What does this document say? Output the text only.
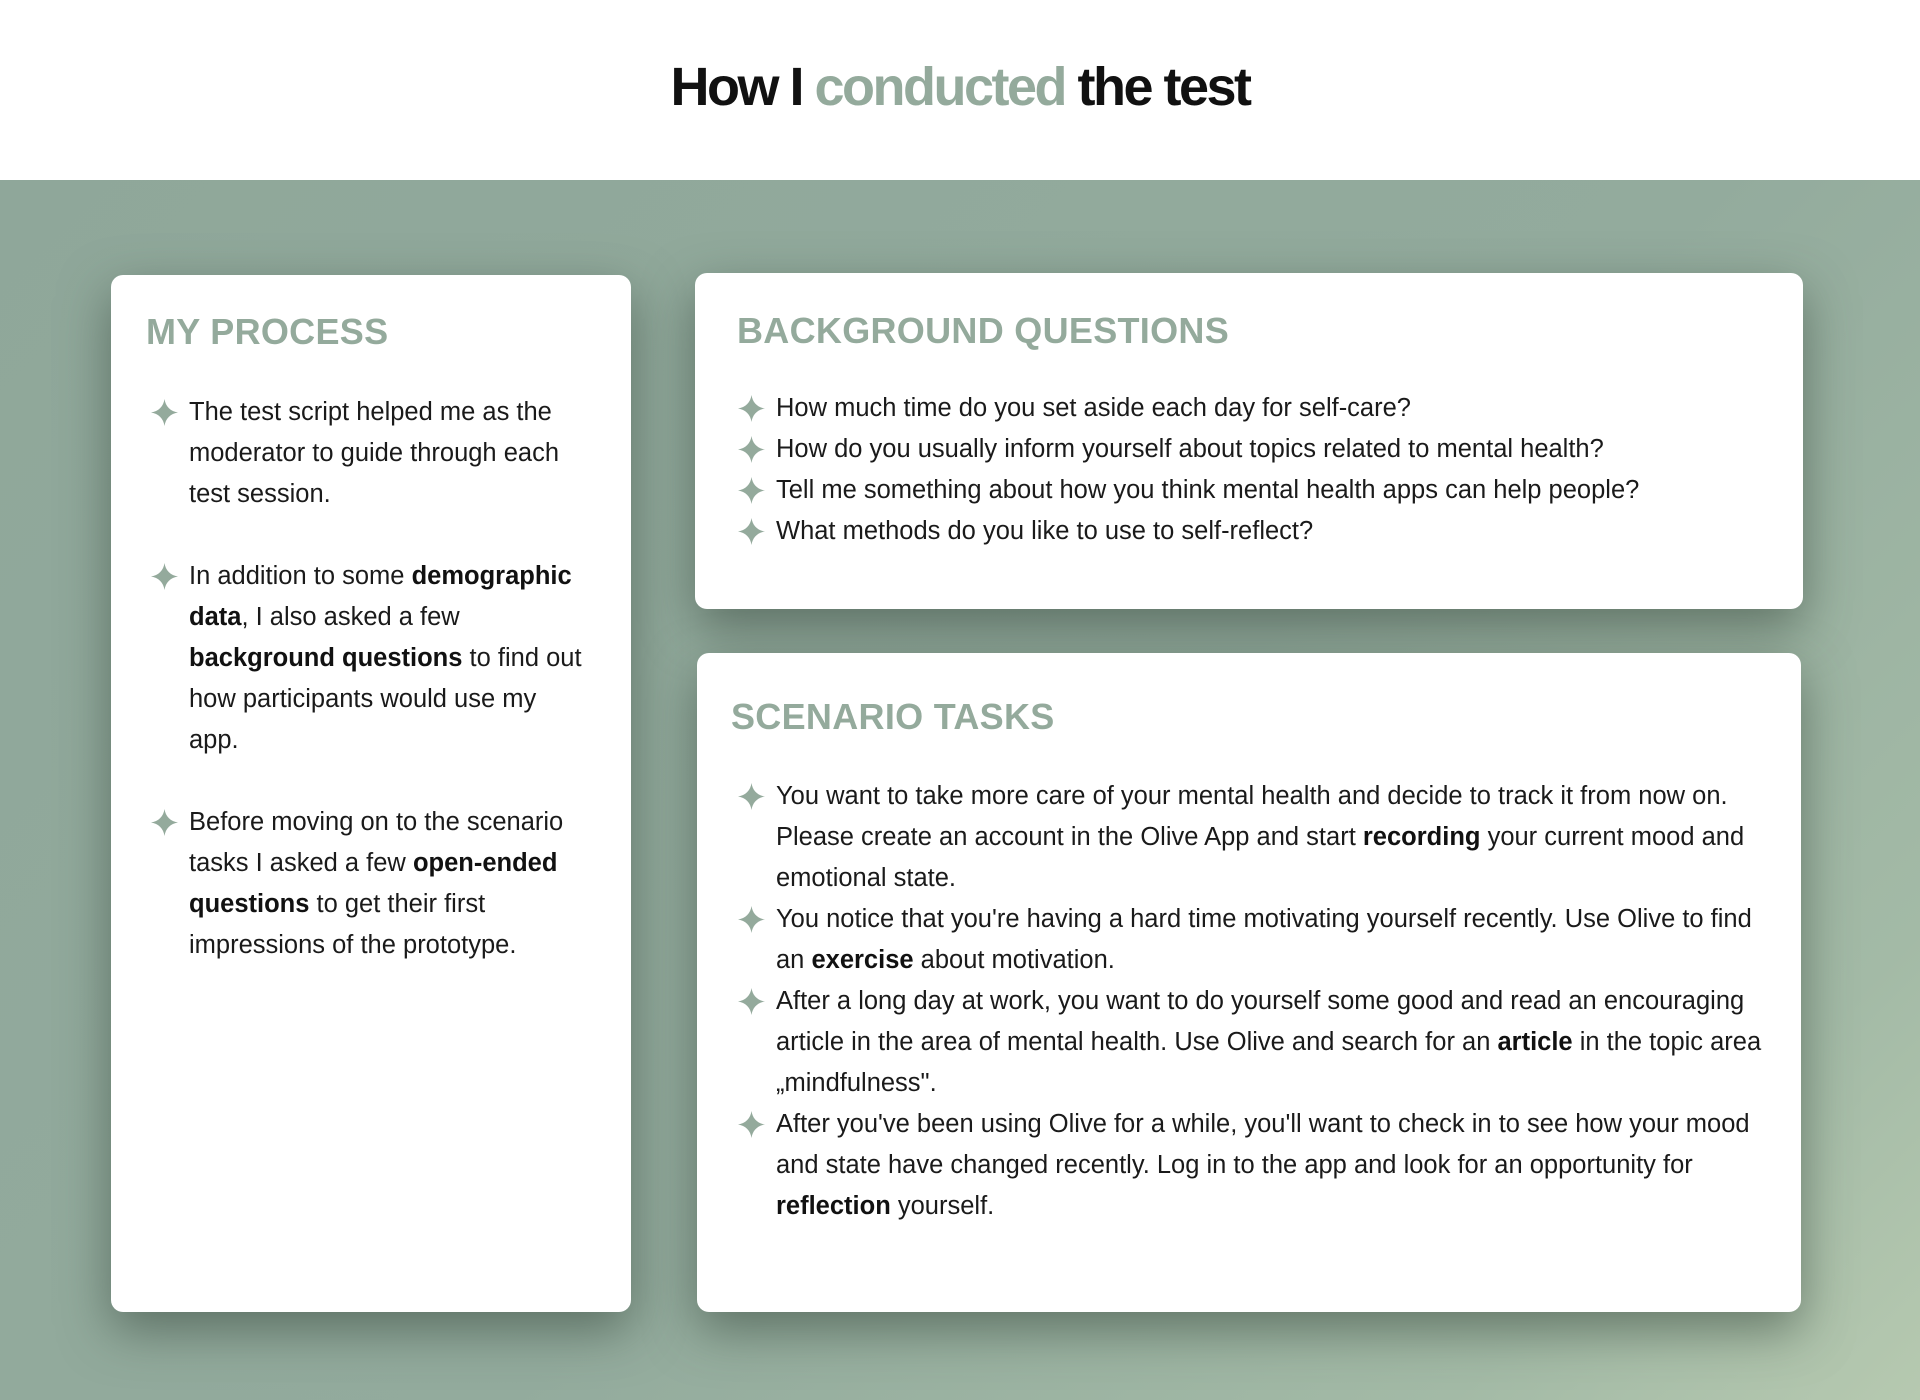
How I conducted the test
MY PROCESS
The test script helped me as the moderator to guide through each test session.
In addition to some demographic data, I also asked a few background questions to find out how participants would use my app.
Before moving on to the scenario tasks I asked a few open-ended questions to get their first impressions of the prototype.
BACKGROUND QUESTIONS
How much time do you set aside each day for self-care?
How do you usually inform yourself about topics related to mental health?
Tell me something about how you think mental health apps can help people?
What methods do you like to use to self-reflect?
SCENARIO TASKS
You want to take more care of your mental health and decide to track it from now on. Please create an account in the Olive App and start recording your current mood and emotional state.
You notice that you're having a hard time motivating yourself recently. Use Olive to find an exercise about motivation.
After a long day at work, you want to do yourself some good and read an encouraging article in the area of mental health. Use Olive and search for an article in the topic area „mindfulness".
After you've been using Olive for a while, you'll want to check in to see how your mood and state have changed recently. Log in to the app and look for an opportunity for reflection yourself.
